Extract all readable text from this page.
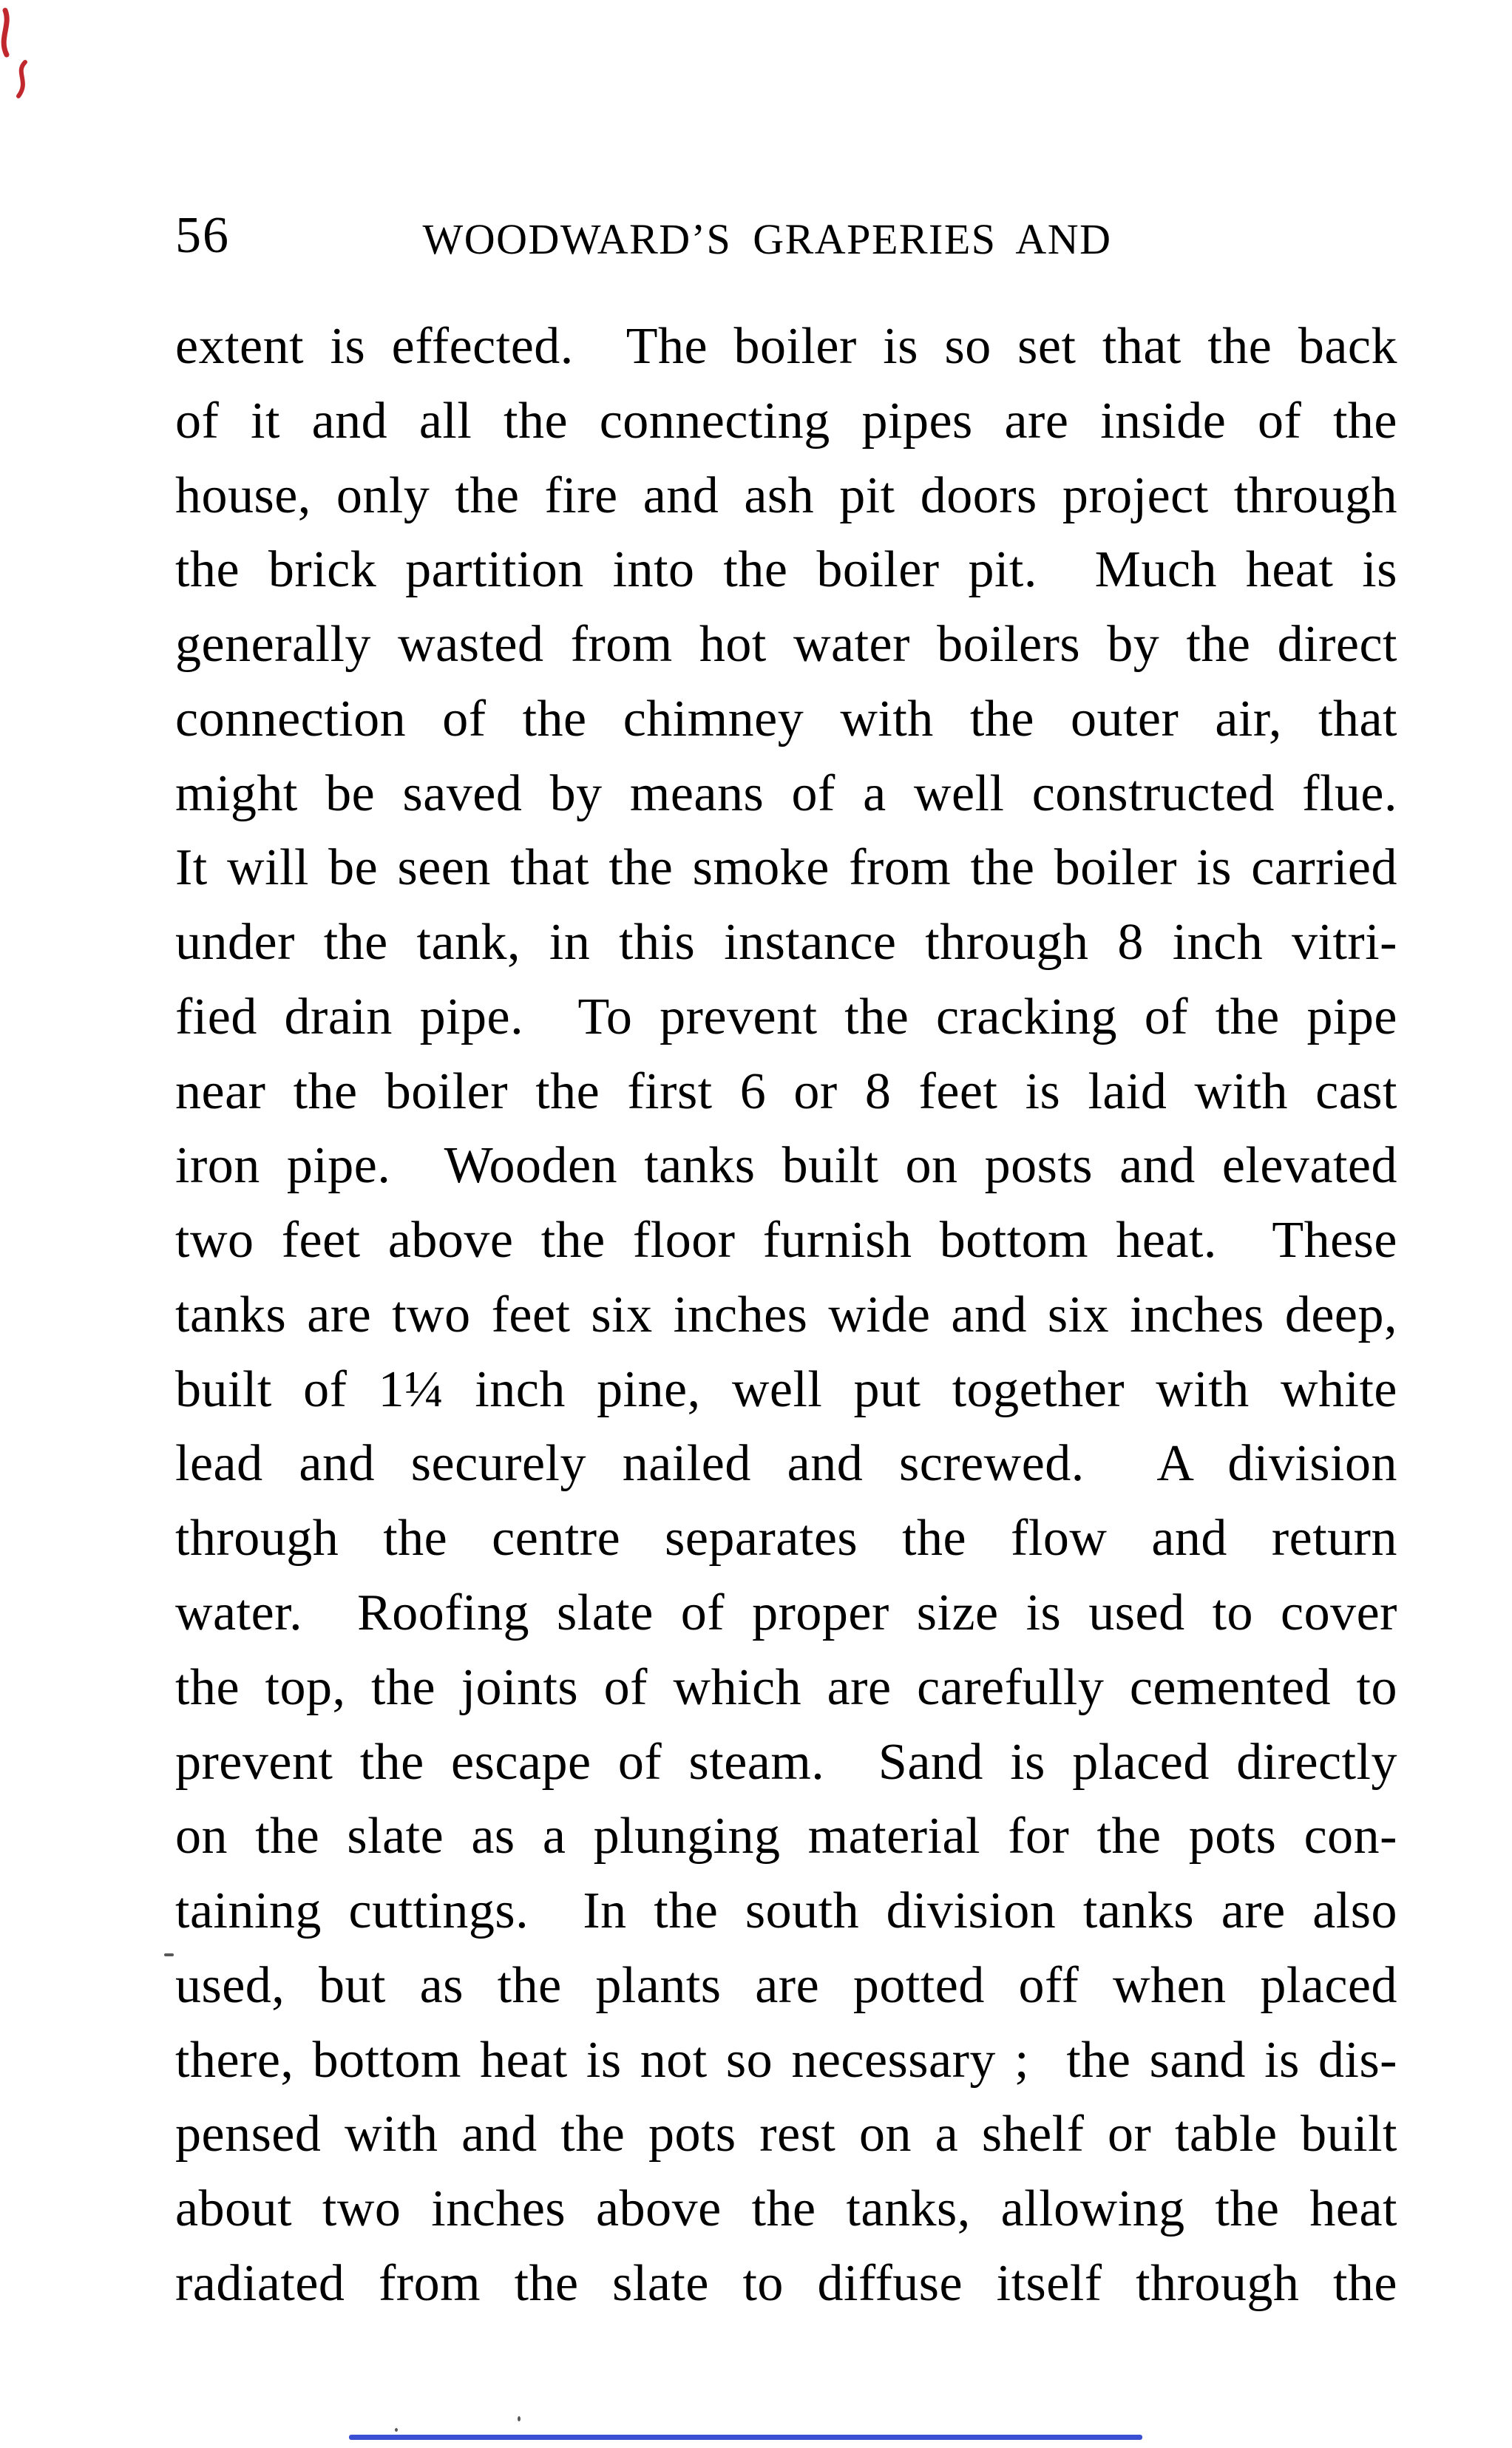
56	WOODWARD’S GRAPERIES AND
extent is effected.  The boiler is so set that the back
of it and all the connecting pipes are inside of the
house, only the fire and ash pit doors project through
the brick partition into the boiler pit.  Much heat is
generally wasted from hot water boilers by the direct
connection of the chimney with the outer air, that
might be saved by means of a well constructed flue.
It will be seen that the smoke from the boiler is carried
under the tank, in this instance through 8 inch vitri-
fied drain pipe.  To prevent the cracking of the pipe
near the boiler the first 6 or 8 feet is laid with cast
iron pipe.  Wooden tanks built on posts and elevated
two feet above the floor furnish bottom heat.  These
tanks are two feet six inches wide and six inches deep,
built of 1¼ inch pine, well put together with white
lead and securely nailed and screwed.  A division
through the centre separates the flow and return
water.  Roofing slate of proper size is used to cover
the top, the joints of which are carefully cemented to
prevent the escape of steam.  Sand is placed directly
on the slate as a plunging material for the pots con-
taining cuttings.  In the south division tanks are also
used, but as the plants are potted off when placed
there, bottom heat is not so necessary ;  the sand is dis-
pensed with and the pots rest on a shelf or table built
about two inches above the tanks, allowing the heat
radiated from the slate to diffuse itself through the
